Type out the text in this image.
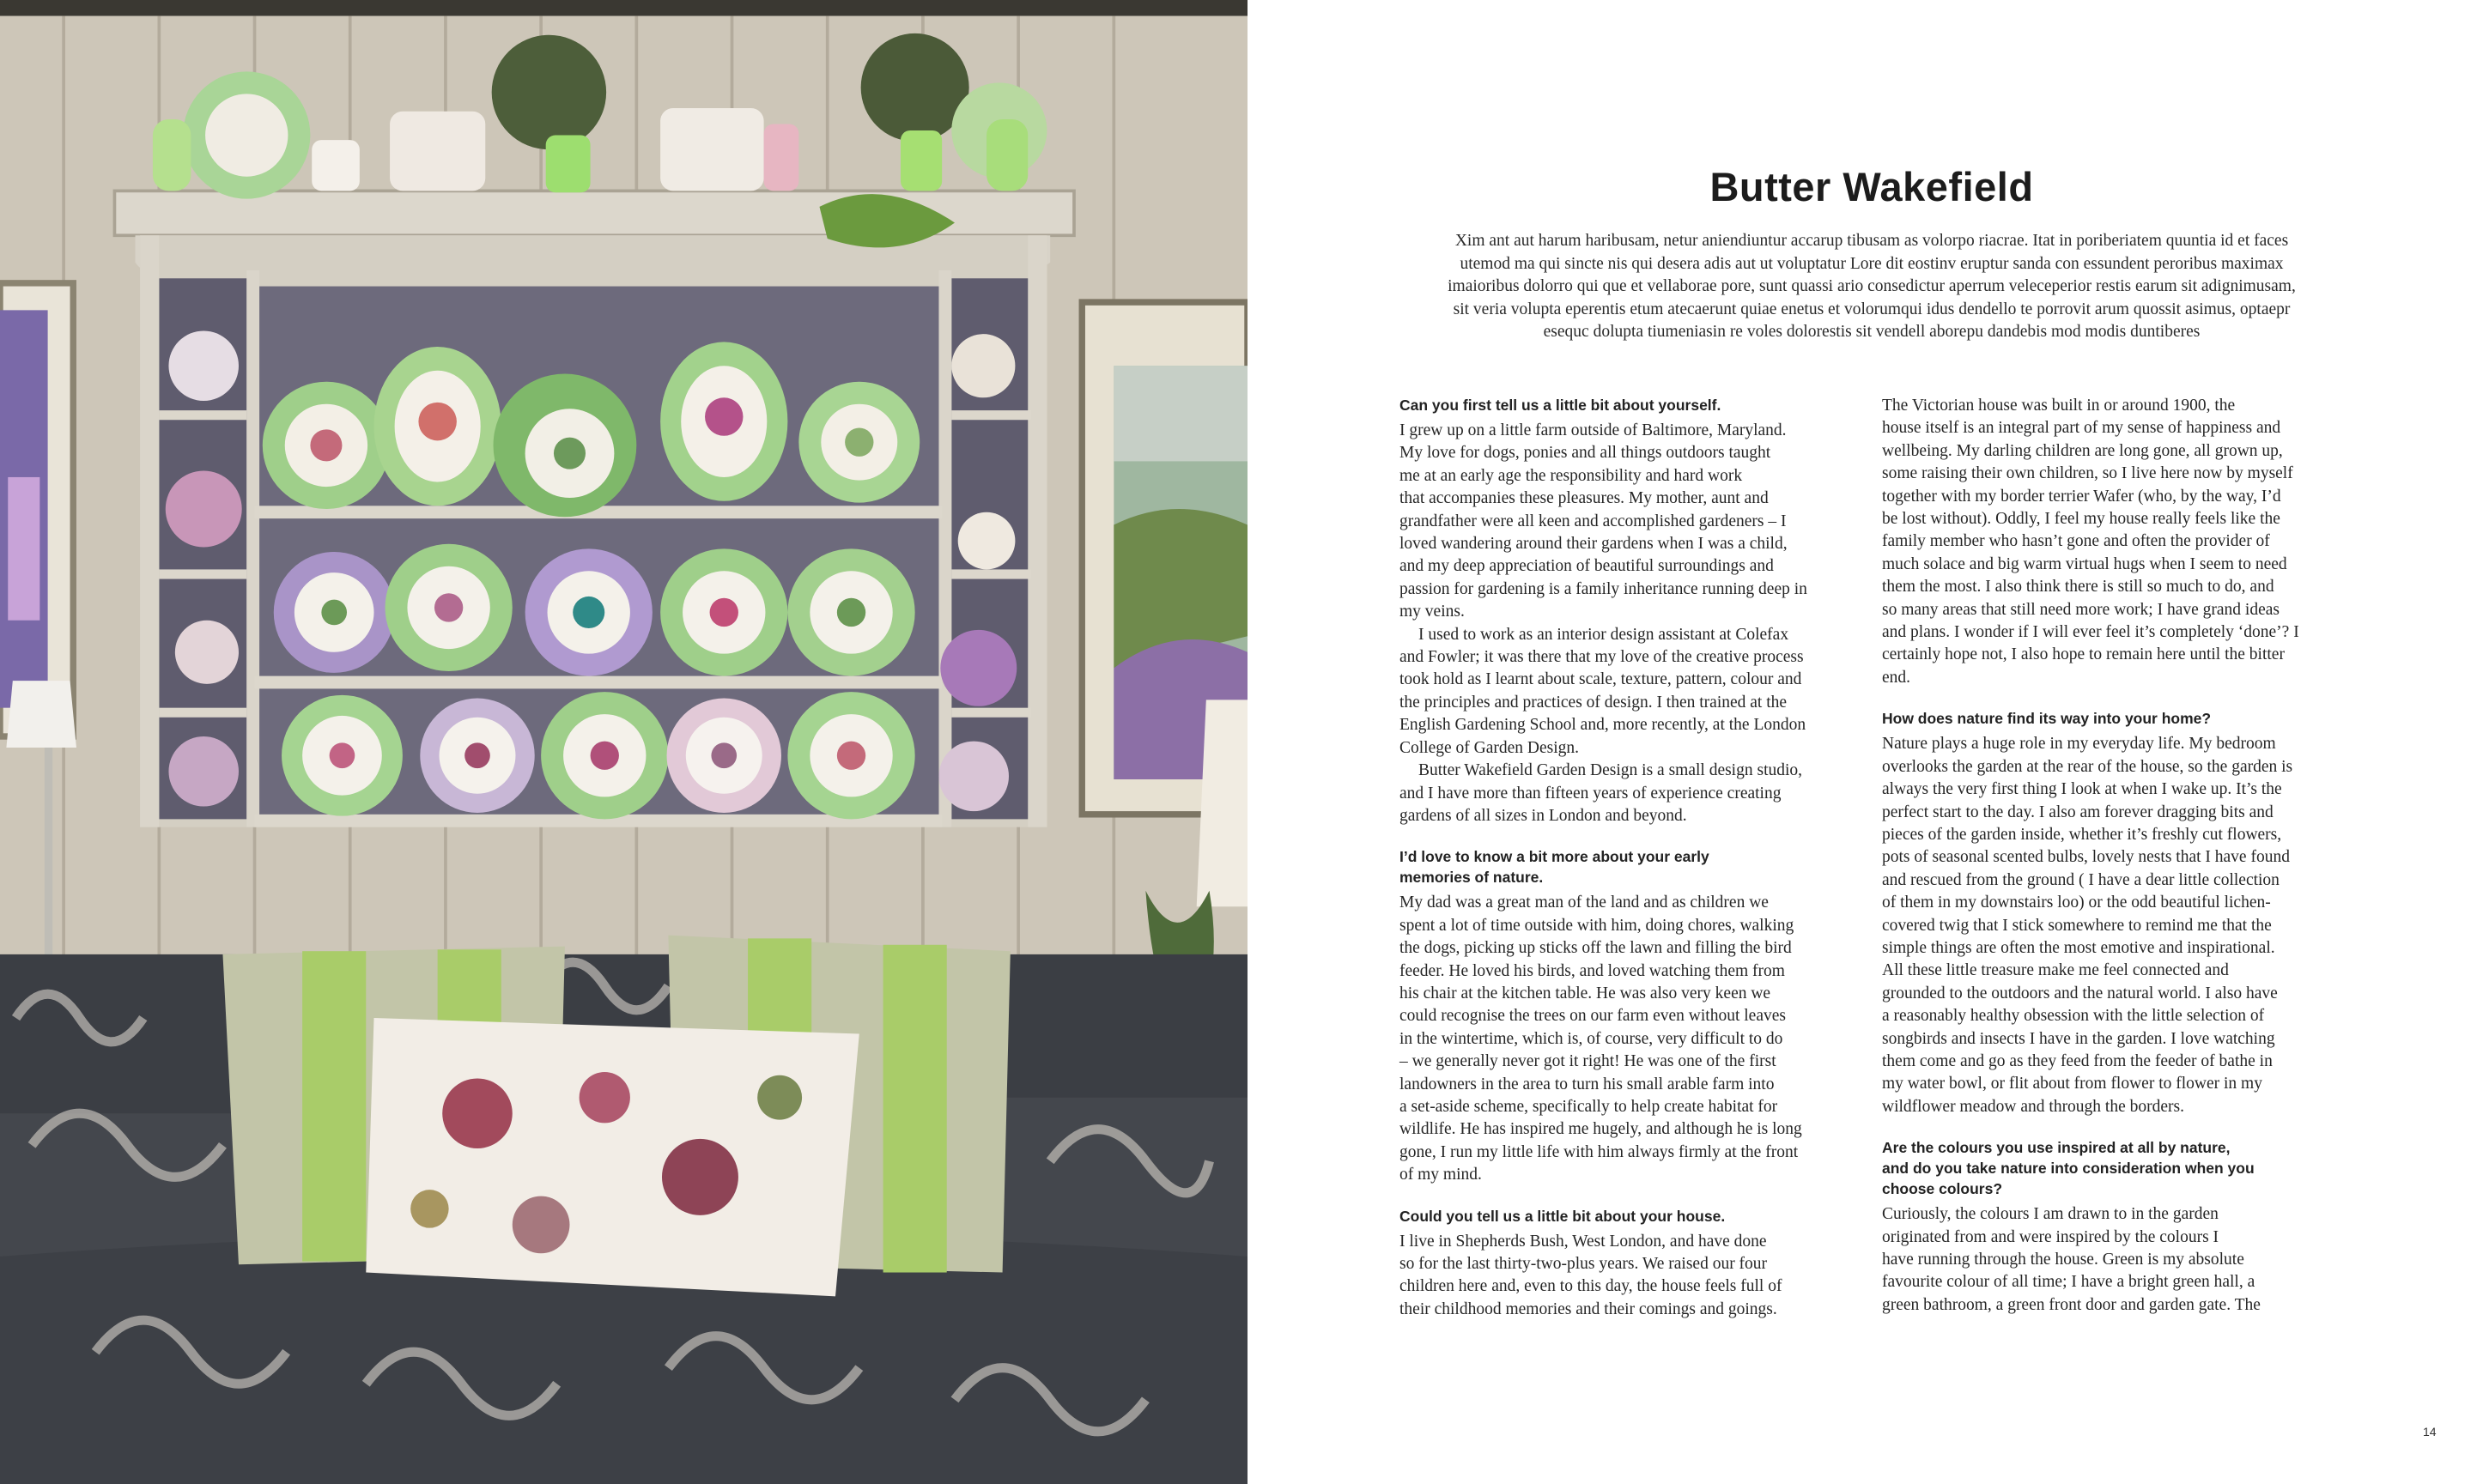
Butter Wakefield
Xim ant aut harum haribusam, netur aniendiuntur accarup tibusam as volorpo riacrae. Itat in poriberiatem quuntia id et faces
utemod ma qui sincte nis qui desera adis aut ut voluptatur Lore dit eostinv eruptur sanda con essundent peroribus maximax
imaioribus dolorro qui que et vellaborae pore, sunt quassi ario consedictur aperrum veleceperior restis earum sit adignimusam,
sit veria volupta eperentis etum atecaerunt quiae enetus et volorumqui idus dendello te porrovit arum quossit asimus, optaepr
esequc dolupta tiumeniasin re voles dolorestis sit vendell aborepu dandebis mod modis duntiberes
Can you first tell us a little bit about yourself.
I grew up on a little farm outside of Baltimore, Maryland.
My love for dogs, ponies and all things outdoors taught
me at an early age the responsibility and hard work
that accompanies these pleasures. My mother, aunt and
grandfather were all keen and accomplished gardeners – I
loved wandering around their gardens when I was a child,
and my deep appreciation of beautiful surroundings and
passion for gardening is a family inheritance running deep in
my veins.
I used to work as an interior design assistant at Colefax
and Fowler; it was there that my love of the creative process
took hold as I learnt about scale, texture, pattern, colour and
the principles and practices of design. I then trained at the
English Gardening School and, more recently, at the London
College of Garden Design.
Butter Wakefield Garden Design is a small design studio,
and I have more than fifteen years of experience creating
gardens of all sizes in London and beyond.
I’d love to know a bit more about your early
memories of nature.
My dad was a great man of the land and as children we
spent a lot of time outside with him, doing chores, walking
the dogs, picking up sticks off the lawn and filling the bird
feeder. He loved his birds, and loved watching them from
his chair at the kitchen table. He was also very keen we
could recognise the trees on our farm even without leaves
in the wintertime, which is, of course, very difficult to do
– we generally never got it right! He was one of the first
landowners in the area to turn his small arable farm into
a set-aside scheme, specifically to help create habitat for
wildlife. He has inspired me hugely, and although he is long
gone, I run my little life with him always firmly at the front
of my mind.
Could you tell us a little bit about your house.
I live in Shepherds Bush, West London, and have done
so for the last thirty-two-plus years. We raised our four
children here and, even to this day, the house feels full of
their childhood memories and their comings and goings.
The Victorian house was built in or around 1900, the
house itself is an integral part of my sense of happiness and
wellbeing. My darling children are long gone, all grown up,
some raising their own children, so I live here now by myself
together with my border terrier Wafer (who, by the way, I’d
be lost without). Oddly, I feel my house really feels like the
family member who hasn’t gone and often the provider of
much solace and big warm virtual hugs when I seem to need
them the most. I also think there is still so much to do, and
so many areas that still need more work; I have grand ideas
and plans. I wonder if I will ever feel it’s completely ‘done’? I
certainly hope not, I also hope to remain here until the bitter
end.
How does nature find its way into your home?
Nature plays a huge role in my everyday life. My bedroom
overlooks the garden at the rear of the house, so the garden is
always the very first thing I look at when I wake up. It’s the
perfect start to the day. I also am forever dragging bits and
pieces of the garden inside, whether it’s freshly cut flowers,
pots of seasonal scented bulbs, lovely nests that I have found
and rescued from the ground ( I have a dear little collection
of them in my downstairs loo) or the odd beautiful lichen-
covered twig that I stick somewhere to remind me that the
simple things are often the most emotive and inspirational.
All these little treasure make me feel connected and
grounded to the outdoors and the natural world. I also have
a reasonably healthy obsession with the little selection of
songbirds and insects I have in the garden. I love watching
them come and go as they feed from the feeder of bathe in
my water bowl, or flit about from flower to flower in my
wildflower meadow and through the borders.
Are the colours you use inspired at all by nature,
and do you take nature into consideration when you
choose colours?
Curiously, the colours I am drawn to in the garden
originated from and were inspired by the colours I
have running through the house. Green is my absolute
favourite colour of all time; I have a bright green hall, a
green bathroom, a green front door and garden gate. The
14
